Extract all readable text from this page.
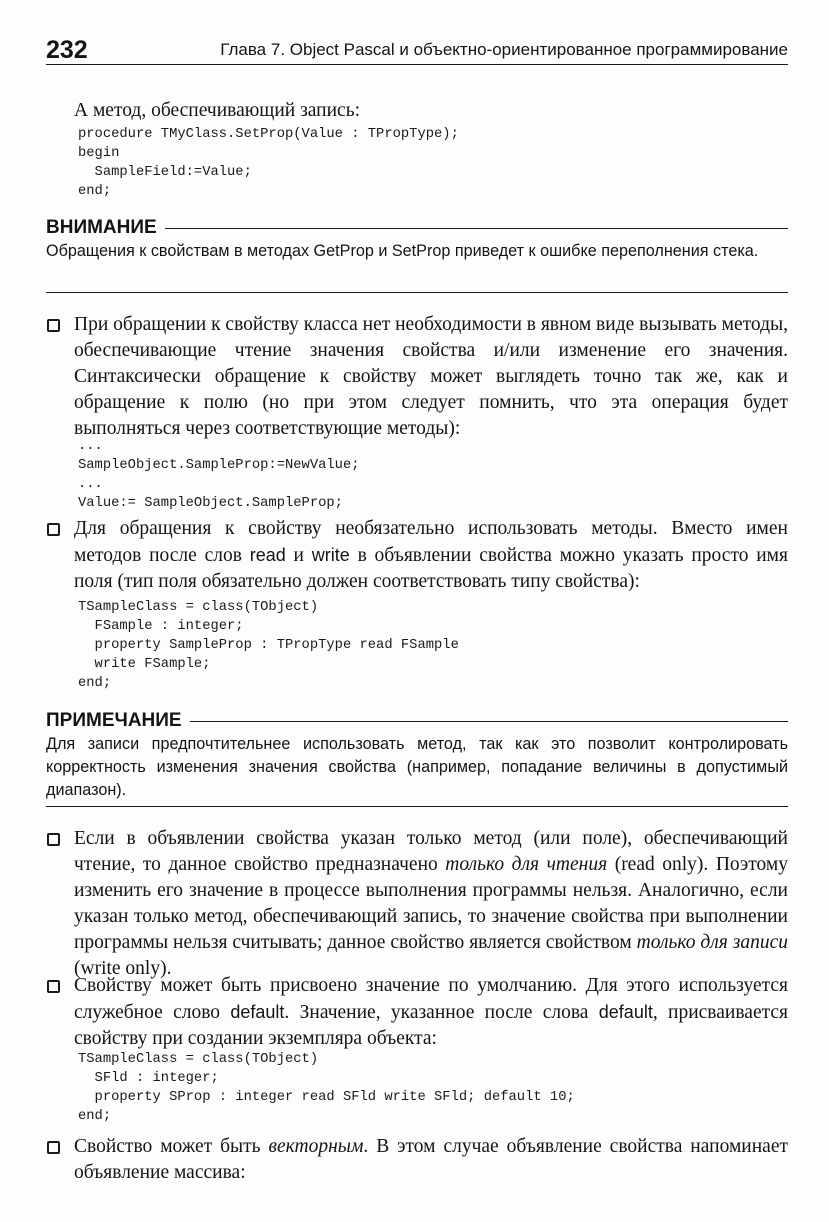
232	Глава 7. Object Pascal и объектно-ориентированное программирование
А метод, обеспечивающий запись:
procedure TMyClass.SetProp(Value : TPropType);
begin
SampleField:=Value;
end;
ВНИМАНИЕ
Обращения к свойствам в методах GetProp и SetProp приведет к ошибке переполнения стека.
При обращении к свойству класса нет необходимости в явном виде вызывать методы, обеспечивающие чтение значения свойства и/или изменение его значения. Синтаксически обращение к свойству может выглядеть точно так же, как и обращение к полю (но при этом следует помнить, что эта операция будет выполняться через соответствующие методы):
...
SampleObject.SampleProp:=NewValue;
...
Value:= SampleObject.SampleProp;
Для обращения к свойству необязательно использовать методы. Вместо имен методов после слов read и write в объявлении свойства можно указать просто имя поля (тип поля обязательно должен соответствовать типу свойства):
TSampleClass = class(TObject)
FSample : integer;
property SampleProp : TPropType read FSample
write FSample;
end;
ПРИМЕЧАНИЕ
Для записи предпочтительнее использовать метод, так как это позволит контролировать корректность изменения значения свойства (например, попадание величины в допустимый диапазон).
Если в объявлении свойства указан только метод (или поле), обеспечивающий чтение, то данное свойство предназначено только для чтения (read only). Поэтому изменить его значение в процессе выполнения программы нельзя. Аналогично, если указан только метод, обеспечивающий запись, то значение свойства при выполнении программы нельзя считывать; данное свойство является свойством только для записи (write only).
Свойству может быть присвоено значение по умолчанию. Для этого используется служебное слово default. Значение, указанное после слова default, присваивается свойству при создании экземпляра объекта:
TSampleClass = class(TObject)
SFld : integer;
property SProp : integer read SFld write SFld; default 10;
end;
Свойство может быть векторным. В этом случае объявление свойства напоминает объявление массива:
